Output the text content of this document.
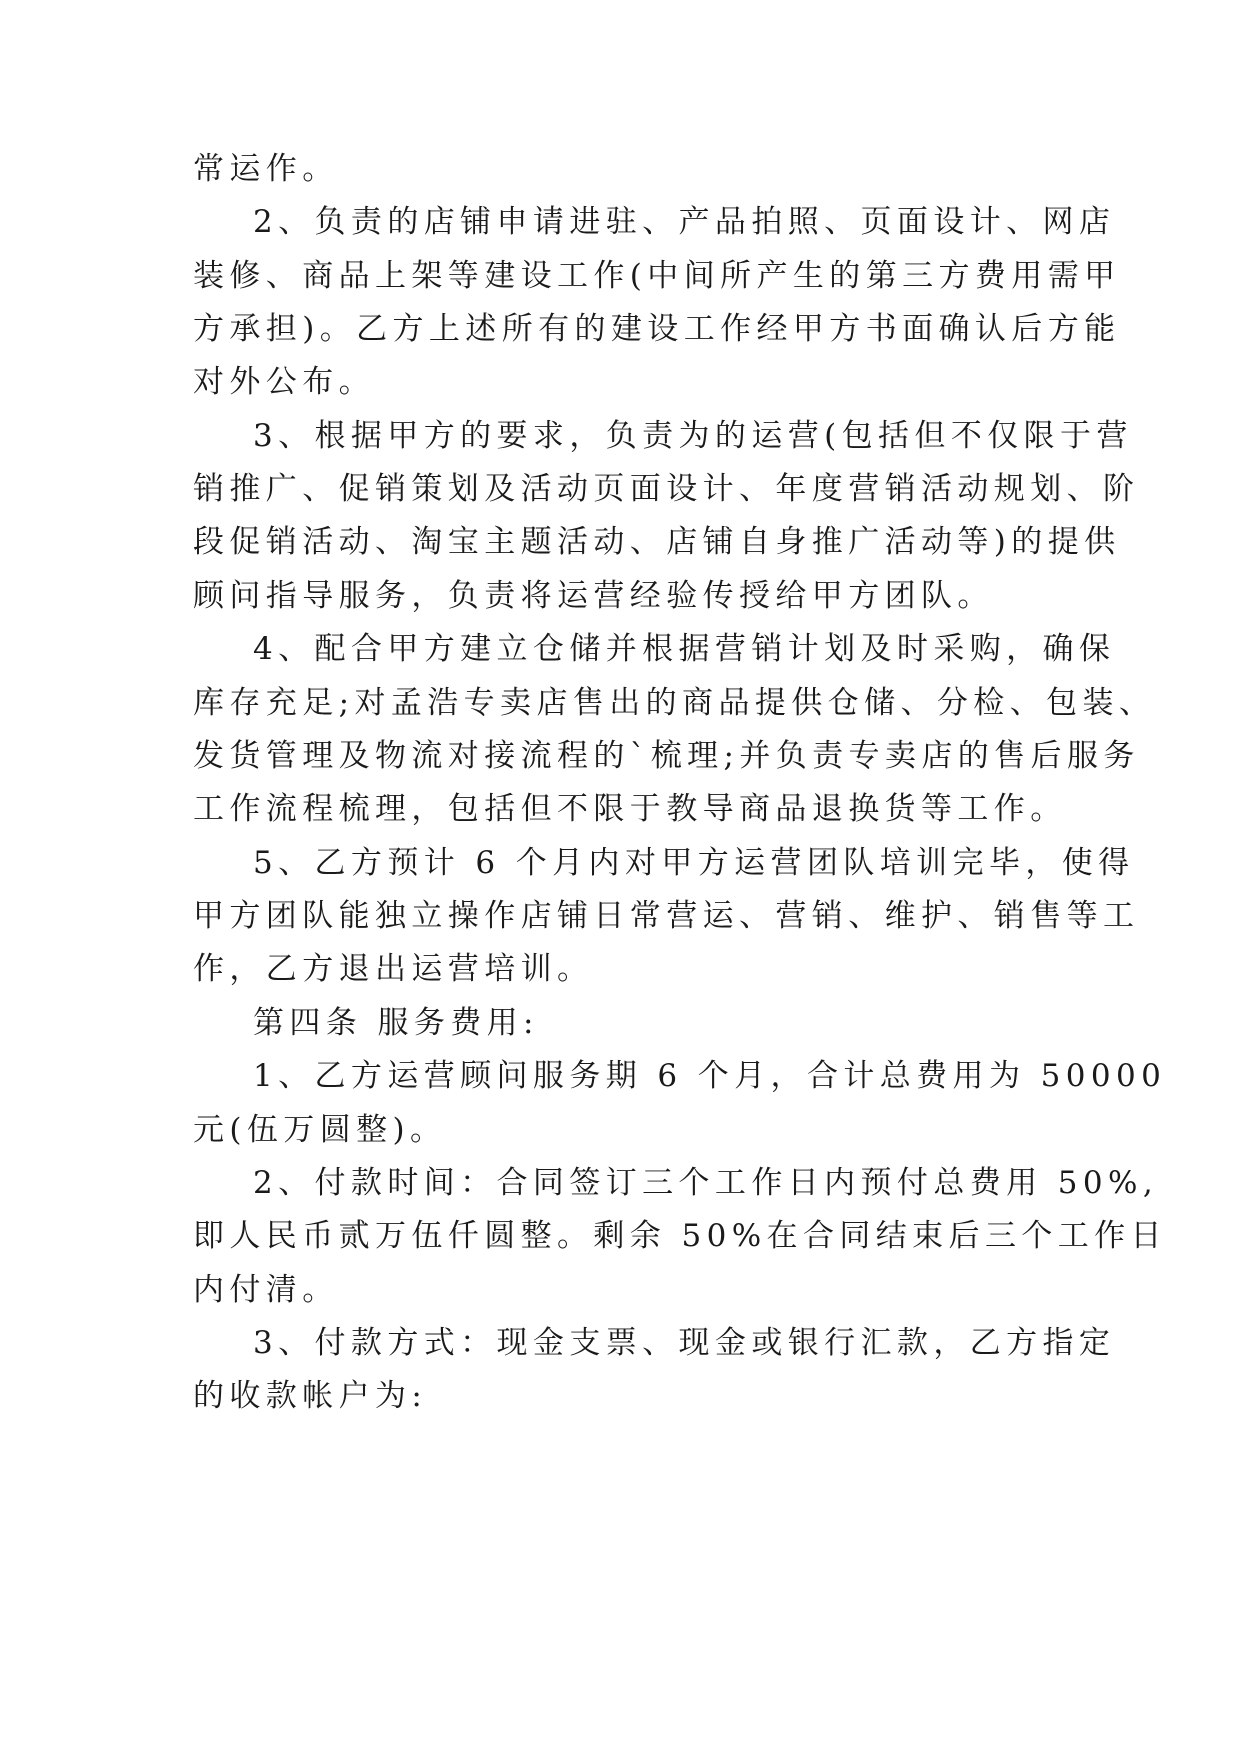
常运作。
2、负责的店铺申请进驻、产品拍照、页面设计、网店
装修、商品上架等建设工作(中间所产生的第三方费用需甲
方承担)。乙方上述所有的建设工作经甲方书面确认后方能
对外公布。
3、根据甲方的要求，负责为的运营(包括但不仅限于营
销推广、促销策划及活动页面设计、年度营销活动规划、阶
段促销活动、淘宝主题活动、店铺自身推广活动等)的提供
顾问指导服务，负责将运营经验传授给甲方团队。
4、配合甲方建立仓储并根据营销计划及时采购，确保
库存充足;对孟浩专卖店售出的商品提供仓储、分检、包装、
发货管理及物流对接流程的`梳理;并负责专卖店的售后服务
工作流程梳理，包括但不限于教导商品退换货等工作。
5、乙方预计 6 个月内对甲方运营团队培训完毕，使得
甲方团队能独立操作店铺日常营运、营销、维护、销售等工
作，乙方退出运营培训。
第四条 服务费用:
1、乙方运营顾问服务期 6 个月，合计总费用为 50000
元(伍万圆整)。
2、付款时间：合同签订三个工作日内预付总费用 50%,
即人民币贰万伍仟圆整。剩余 50%在合同结束后三个工作日
内付清。
3、付款方式：现金支票、现金或银行汇款，乙方指定
的收款帐户为:
